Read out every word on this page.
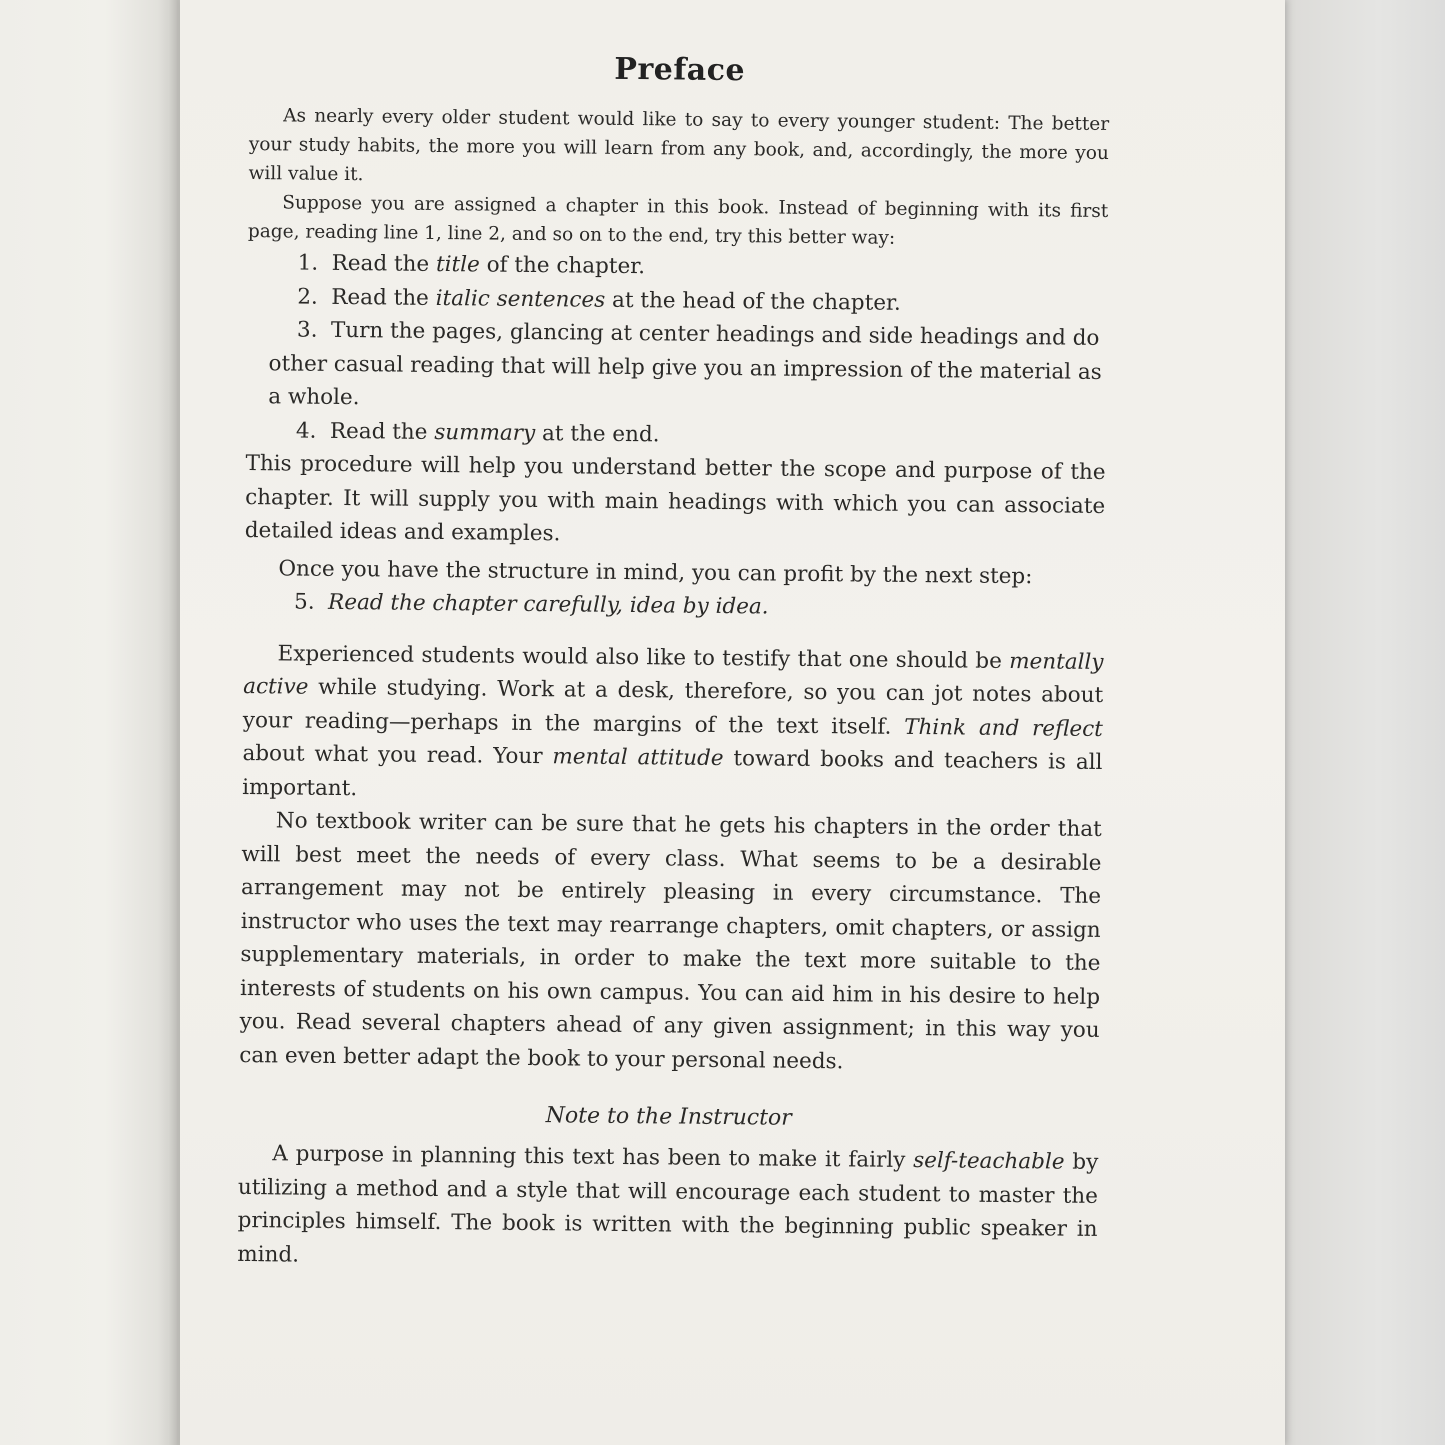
Preface

As nearly every older student would like to say to every younger student: The better your study habits, the more you will learn from any book, and, accordingly, the more you will value it.

Suppose you are assigned a chapter in this book. Instead of beginning with its first page, reading line 1, line 2, and so on to the end, try this better way:

1. Read the title of the chapter.
2. Read the italic sentences at the head of the chapter.
3. Turn the pages, glancing at center headings and side headings and do other casual reading that will help give you an impression of the material as a whole.
4. Read the summary at the end.

This procedure will help you understand better the scope and purpose of the chapter. It will supply you with main headings with which you can associate detailed ideas and examples.

Once you have the structure in mind, you can profit by the next step:

5. Read the chapter carefully, idea by idea.

Experienced students would also like to testify that one should be mentally active while studying. Work at a desk, therefore, so you can jot notes about your reading—perhaps in the margins of the text itself. Think and reflect about what you read. Your mental attitude toward books and teachers is all important.

No textbook writer can be sure that he gets his chapters in the order that will best meet the needs of every class. What seems to be a desirable arrangement may not be entirely pleasing in every circumstance. The instructor who uses the text may rearrange chapters, omit chapters, or assign supplementary materials, in order to make the text more suitable to the interests of students on his own campus. You can aid him in his desire to help you. Read several chapters ahead of any given assignment; in this way you can even better adapt the book to your personal needs.

Note to the Instructor

A purpose in planning this text has been to make it fairly self-teachable by utilizing a method and a style that will encourage each student to master the principles himself. The book is written with the beginning public speaker in mind.
